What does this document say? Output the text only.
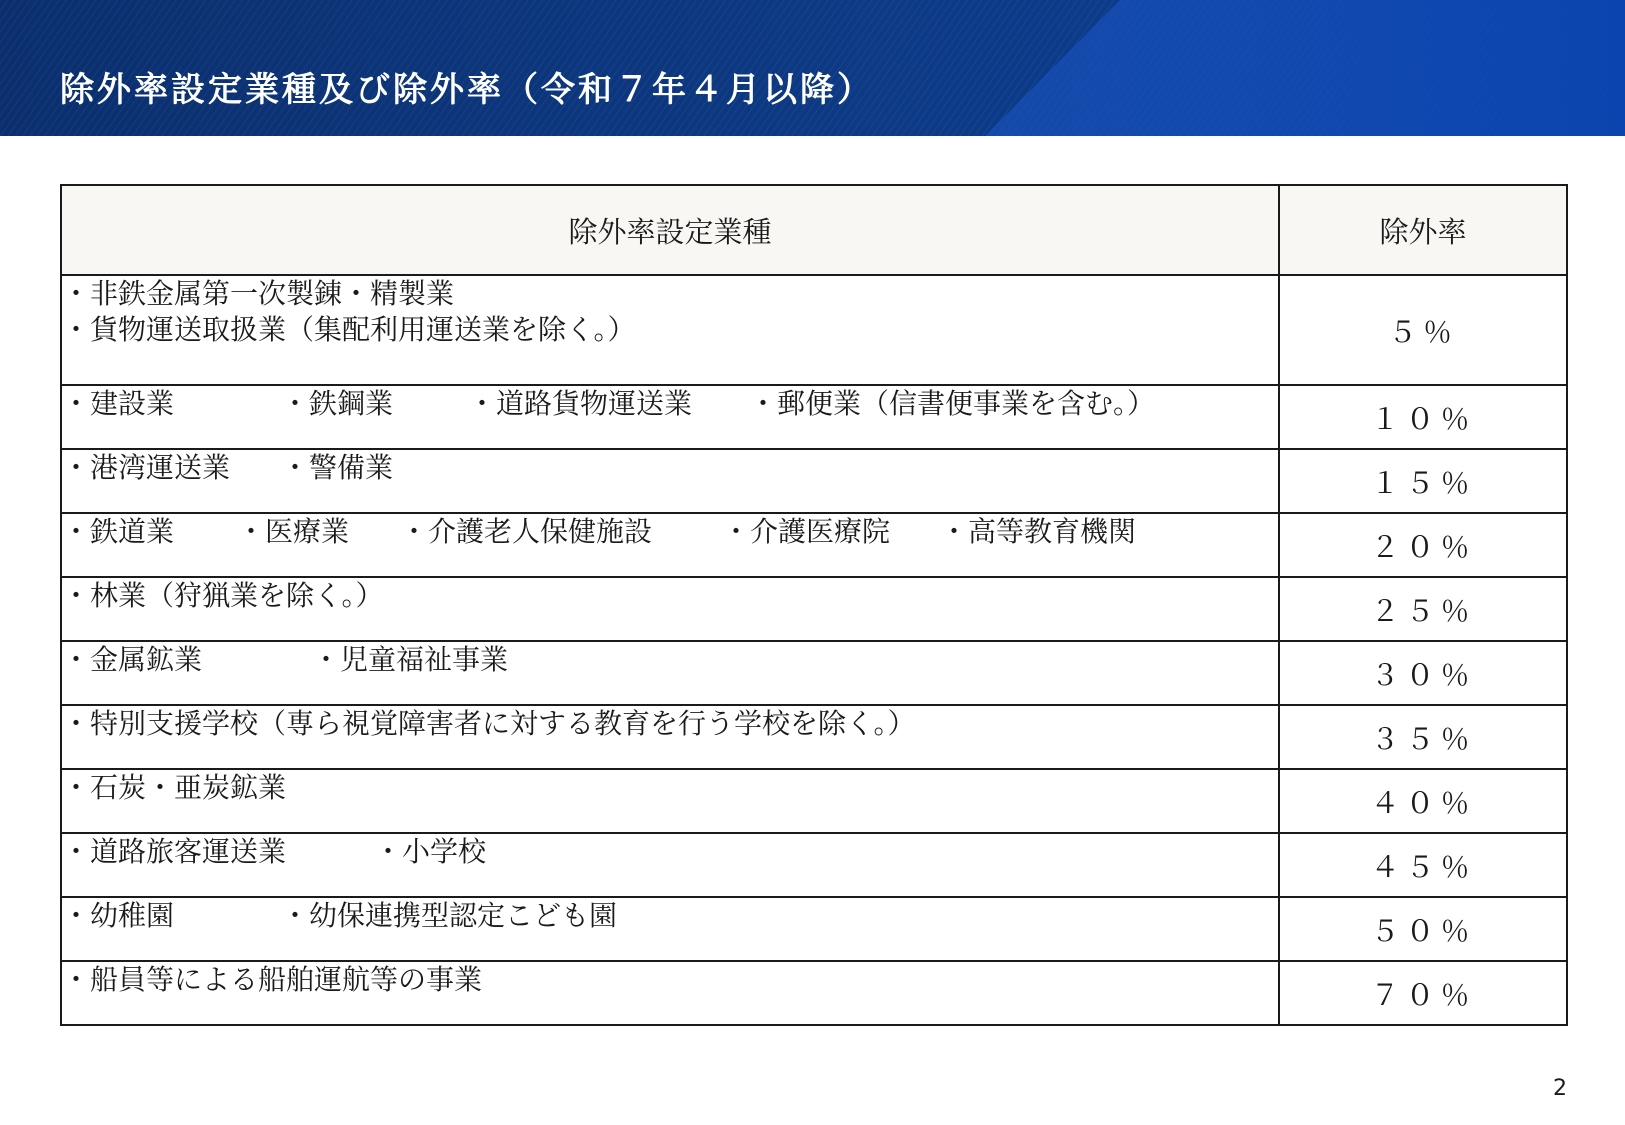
除外率設定業種及び除外率（令和７年４月以降）
除外率設定業種	除外率

・非鉄金属第一次製錬・精製業
・貨物運送取扱業（集配利用運送業を除く。）	５％
・建設業 ・鉄鋼業 ・道路貨物運送業 ・郵便業（信書便事業を含む。）	１０％
・港湾運送業 ・警備業	１５％
・鉄道業 ・医療業 ・介護老人保健施設 ・介護医療院 ・高等教育機関	２０％
・林業（狩猟業を除く。）	２５％
・金属鉱業 ・児童福祉事業	３０％
・特別支援学校（専ら視覚障害者に対する教育を行う学校を除く。）	３５％
・石炭・亜炭鉱業	４０％
・道路旅客運送業 ・小学校	４５％
・幼稚園 ・幼保連携型認定こども園	５０％
・船員等による船舶運航等の事業	７０％
2
